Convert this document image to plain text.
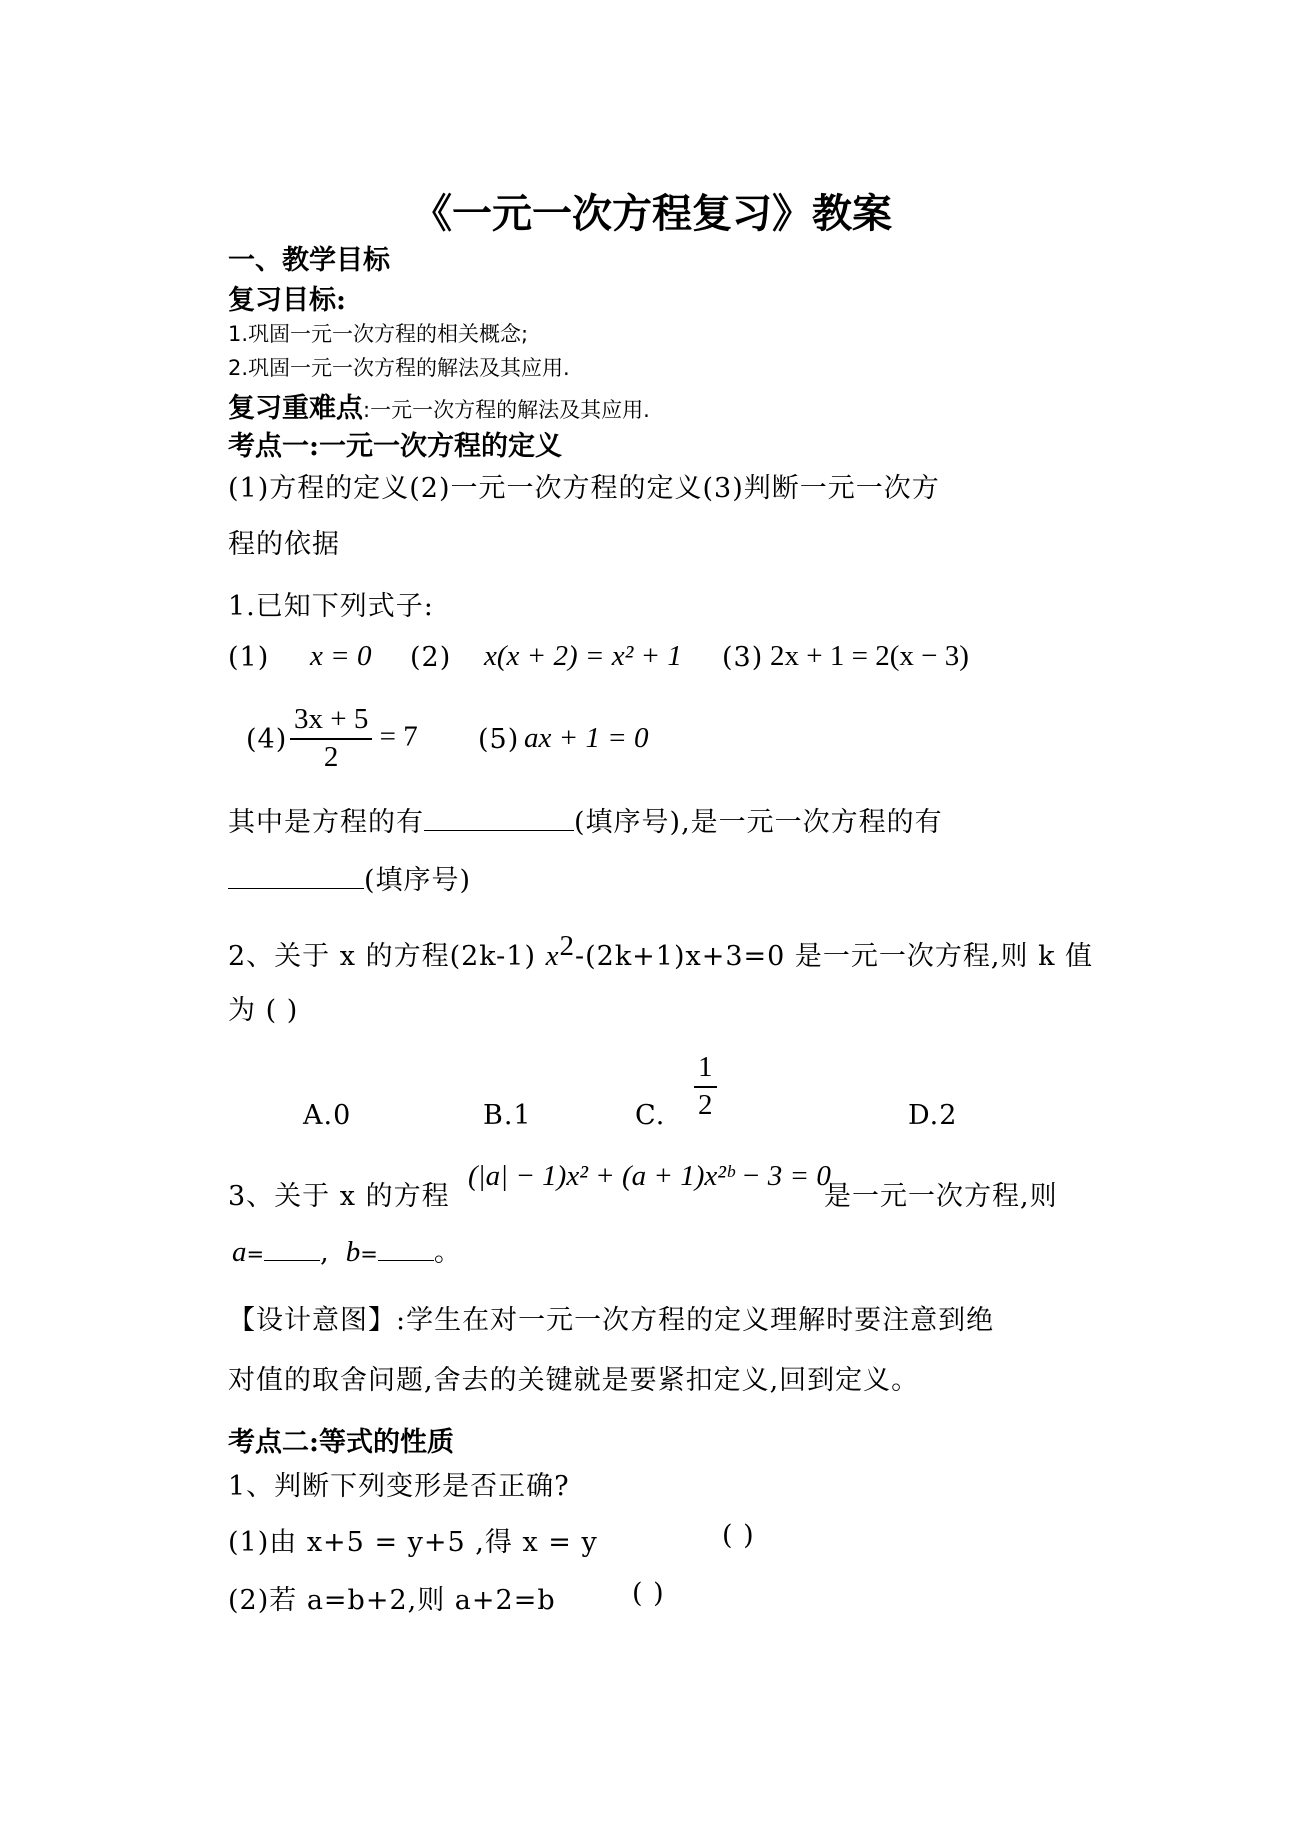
《一元一次方程复习》教案
一、教学目标
复习目标:
1.巩固一元一次方程的相关概念;
2.巩固一元一次方程的解法及其应用.
复习重难点:一元一次方程的解法及其应用.
考点一:一元一次方程的定义
(1)方程的定义(2)一元一次方程的定义(3)判断一元一次方
程的依据
1.已知下列式子:
(1) x = 0 (2) x(x + 2) = x² + 1 (3) 2x + 1 = 2(x − 3)
$(4) \frac{3x + 5}{2} = 7$ (5) ax + 1 = 0
其中是方程的有	(填序号),是一元一次方程的有
(填序号)
2、关于 x 的方程(2k-1) $x^2-(2k+1)x+3=0$ 是一元一次方程,则 k 值
为 ( )
A.0	B.1	C. $\frac{1}{2}$	D.2
3、关于 x 的方程
(|a| − 1)x² + (a + 1)x²ᵇ − 3 = 0
是一元一次方程,则
a= , b= 。
【设计意图】:学生在对一元一次方程的定义理解时要注意到绝
对值的取舍问题,舍去的关键就是要紧扣定义,回到定义。
考点二:等式的性质
1、判断下列变形是否正确?
(1)由 x+5 = y+5 ,得 x = y	( )
(2)若 a=b+2,则 a+2=b	( )
